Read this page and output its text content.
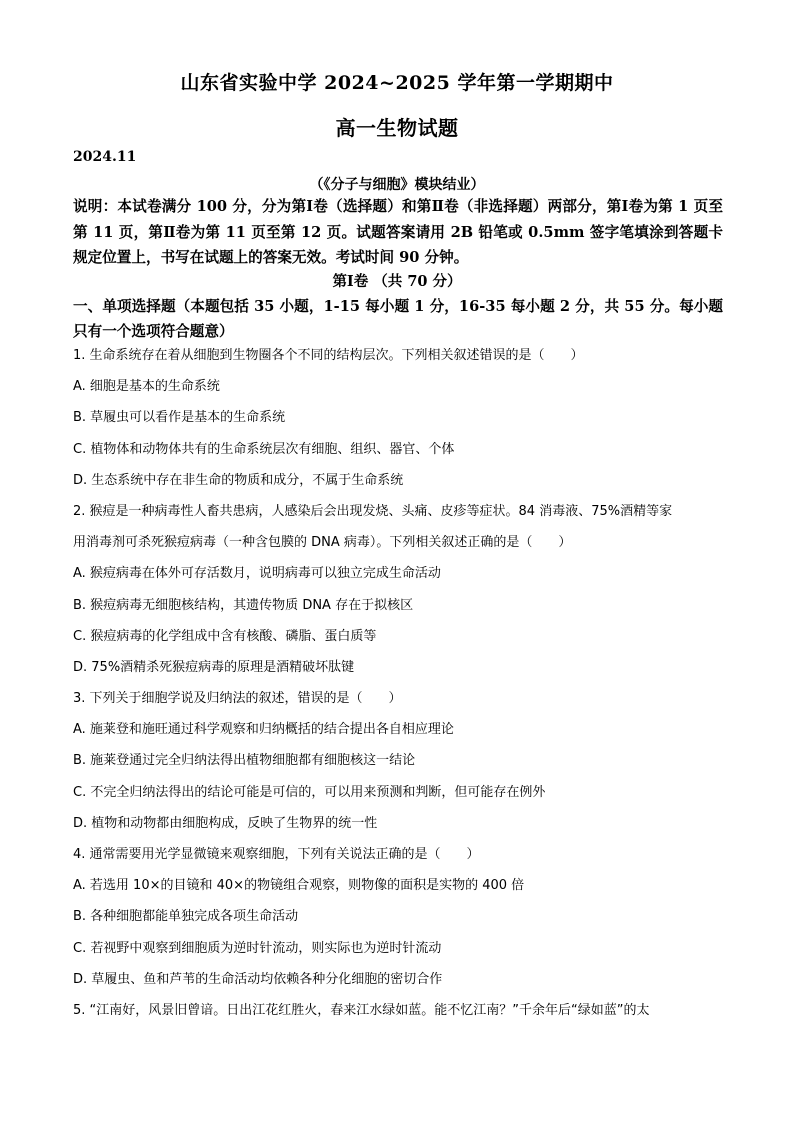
山东省实验中学 2024~2025 学年第一学期期中
高一生物试题
2024.11
（《分子与细胞》模块结业）
说明：本试卷满分 100 分，分为第Ⅰ卷（选择题）和第Ⅱ卷（非选择题）两部分，第Ⅰ卷为第 1 页至第 11 页，第Ⅱ卷为第 11 页至第 12 页。试题答案请用 2B 铅笔或 0.5mm 签字笔填涂到答题卡规定位置上，书写在试题上的答案无效。考试时间 90 分钟。
第Ⅰ卷 （共 70 分）
一、单项选择题（本题包括 35 小题，1-15 每小题 1 分，16-35 每小题 2 分，共 55 分。每小题只有一个选项符合题意）
1. 生命系统存在着从细胞到生物圈各个不同的结构层次。下列相关叙述错误的是（　　）
A. 细胞是基本的生命系统
B. 草履虫可以看作是基本的生命系统
C. 植物体和动物体共有的生命系统层次有细胞、组织、器官、个体
D. 生态系统中存在非生命的物质和成分，不属于生命系统
2. 猴痘是一种病毒性人畜共患病，人感染后会出现发烧、头痛、皮疹等症状。84 消毒液、75%酒精等家
用消毒剂可杀死猴痘病毒（一种含包膜的 DNA 病毒）。下列相关叙述正确的是（　　）
A. 猴痘病毒在体外可存活数月，说明病毒可以独立完成生命活动
B. 猴痘病毒无细胞核结构，其遗传物质 DNA 存在于拟核区
C. 猴痘病毒的化学组成中含有核酸、磷脂、蛋白质等
D. 75%酒精杀死猴痘病毒的原理是酒精破坏肽键
3. 下列关于细胞学说及归纳法的叙述，错误的是（　　）
A. 施莱登和施旺通过科学观察和归纳概括的结合提出各自相应理论
B. 施莱登通过完全归纳法得出植物细胞都有细胞核这一结论
C. 不完全归纳法得出的结论可能是可信的，可以用来预测和判断，但可能存在例外
D. 植物和动物都由细胞构成，反映了生物界的统一性
4. 通常需要用光学显微镜来观察细胞，下列有关说法正确的是（　　）
A. 若选用 10×的目镜和 40×的物镜组合观察，则物像的面积是实物的 400 倍
B. 各种细胞都能单独完成各项生命活动
C. 若视野中观察到细胞质为逆时针流动，则实际也为逆时针流动
D. 草履虫、鱼和芦苇的生命活动均依赖各种分化细胞的密切合作
5. “江南好，风景旧曾谙。日出江花红胜火，春来江水绿如蓝。能不忆江南？”千余年后“绿如蓝”的太
